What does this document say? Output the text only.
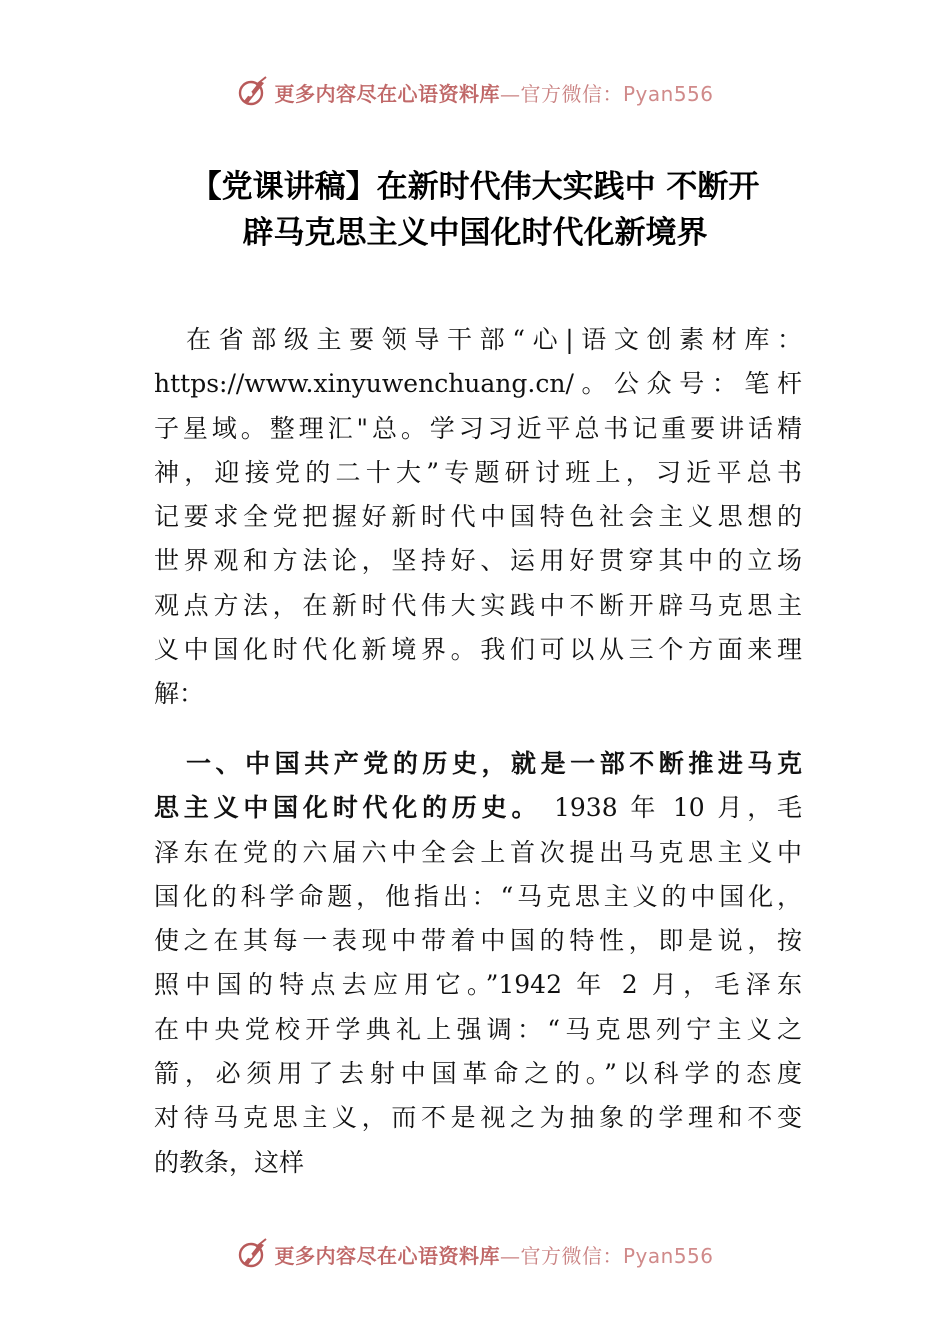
更多内容尽在心语资料库—官方微信：Pyan556
【党课讲稿】在新时代伟大实践中 不断开
辟马克思主义中国化时代化新境界
在省部级主要领导干部“心|语文创素材库：
https://www.xinyuwenchuang.cn/。公众号：笔杆
子星域。整理汇"总。学习习近平总书记重要讲话精
神，迎接党的二十大”专题研讨班上，习近平总书
记要求全党把握好新时代中国特色社会主义思想的
世界观和方法论，坚持好、运用好贯穿其中的立场
观点方法，在新时代伟大实践中不断开辟马克思主
义中国化时代化新境界。我们可以从三个方面来理
解：
一、中国共产党的历史，就是一部不断推进马克
思主义中国化时代化的历史。 1938 年 10 月，毛
泽东在党的六届六中全会上首次提出马克思主义中
国化的科学命题，他指出：“马克思主义的中国化，
使之在其每一表现中带着中国的特性，即是说，按
照中国的特点去应用它。”1942 年 2 月，毛泽东
在中央党校开学典礼上强调：“马克思列宁主义之
箭，必须用了去射中国革命之的。”以科学的态度
对待马克思主义，而不是视之为抽象的学理和不变
的教条，这样
更多内容尽在心语资料库—官方微信：Pyan556
